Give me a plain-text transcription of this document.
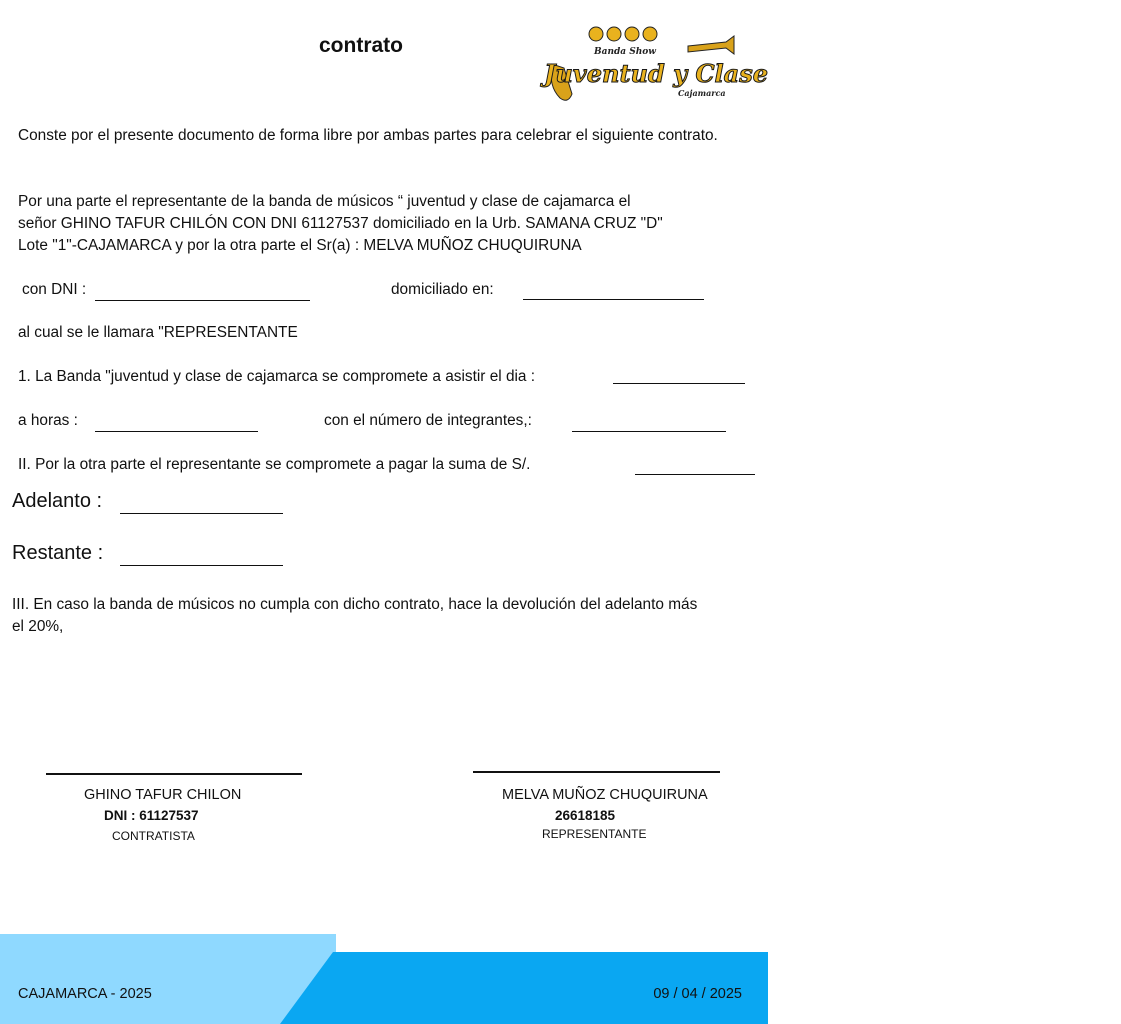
contrato	Banda Show
Juventud y Clase
Cajamarca
Conste por el presente documento de forma libre por ambas partes para celebrar el siguiente contrato.
Por una parte el representante de la banda de músicos “ juventud y clase de cajamarca el
señor GHINO TAFUR CHILÓN CON DNI 61127537 domiciliado en la Urb. SAMANA CRUZ "D"
Lote "1"-CAJAMARCA y por la otra parte el Sr(a) : MELVA MUÑOZ CHUQUIRUNA
con DNI :	domiciliado en:
al cual se le llamara "REPRESENTANTE
1. La Banda "juventud y clase de cajamarca se compromete a asistir el dia :
a horas :	con el número de integrantes,:
II. Por la otra parte el representante se compromete a pagar la suma de S/.
Adelanto :
Restante :
III. En caso la banda de músicos no cumpla con dicho contrato, hace la devolución del adelanto más el 20%,
GHINO TAFUR CHILON
DNI : 61127537
CONTRATISTA
MELVA MUÑOZ CHUQUIRUNA
26618185
REPRESENTANTE
CAJAMARCA - 2025	09 / 04 / 2025
